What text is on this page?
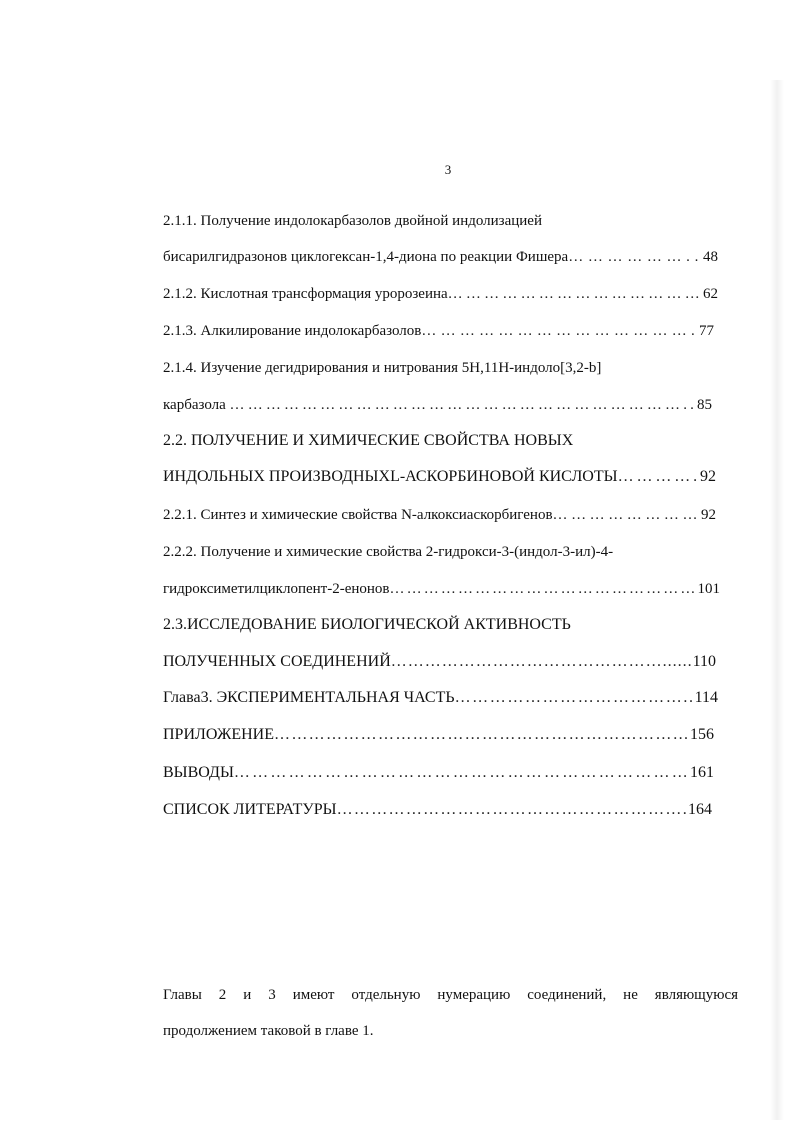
3
2.1.1. Получение индолокарбазолов двойной индолизацией
бисарилгидразонов циклогексан-1,4-диона по реакции Фишера………………..48
2.1.2. Кислотная трансформация уророзеина……………………………………62
2.1.3. Алкилирование индолокарбазолов…………………………………….77
2.1.4. Изучение дегидрирования и нитрования 5H,11H-индоло[3,2-b]
карбазола …………………………………………………………………..85
2.2. ПОЛУЧЕНИЕ И ХИМИЧЕСКИЕ СВОЙСТВА НОВЫХ
ИНДОЛЬНЫХ ПРОИЗВОДНЫХL-АСКОРБИНОВОЙ КИСЛОТЫ………….92
2.2.1. Синтез и химические свойства N-алкоксиаскорбигенов……………………92
2.2.2. Получение и химические свойства 2-гидрокси-3-(индол-3-ил)-4-
гидроксиметилциклопент-2-енонов………………………………………………101
2.3.ИССЛЕДОВАНИЕ БИОЛОГИЧЕСКОЙ АКТИВНОСТЬ
ПОЛУЧЕННЫХ СОЕДИНЕНИЙ…………………………………………......110
Глава3. ЭКСПЕРИМЕНТАЛЬНАЯ ЧАСТЬ…………………………………..114
ПРИЛОЖЕНИЕ………………………………………………………………156
ВЫВОДЫ…………………………………………………………………161
СПИСОК ЛИТЕРАТУРЫ…………………………………………………….164
Главы 2 и 3 имеют отдельную нумерацию соединений, не являющуюся
продолжением таковой в главе 1.
